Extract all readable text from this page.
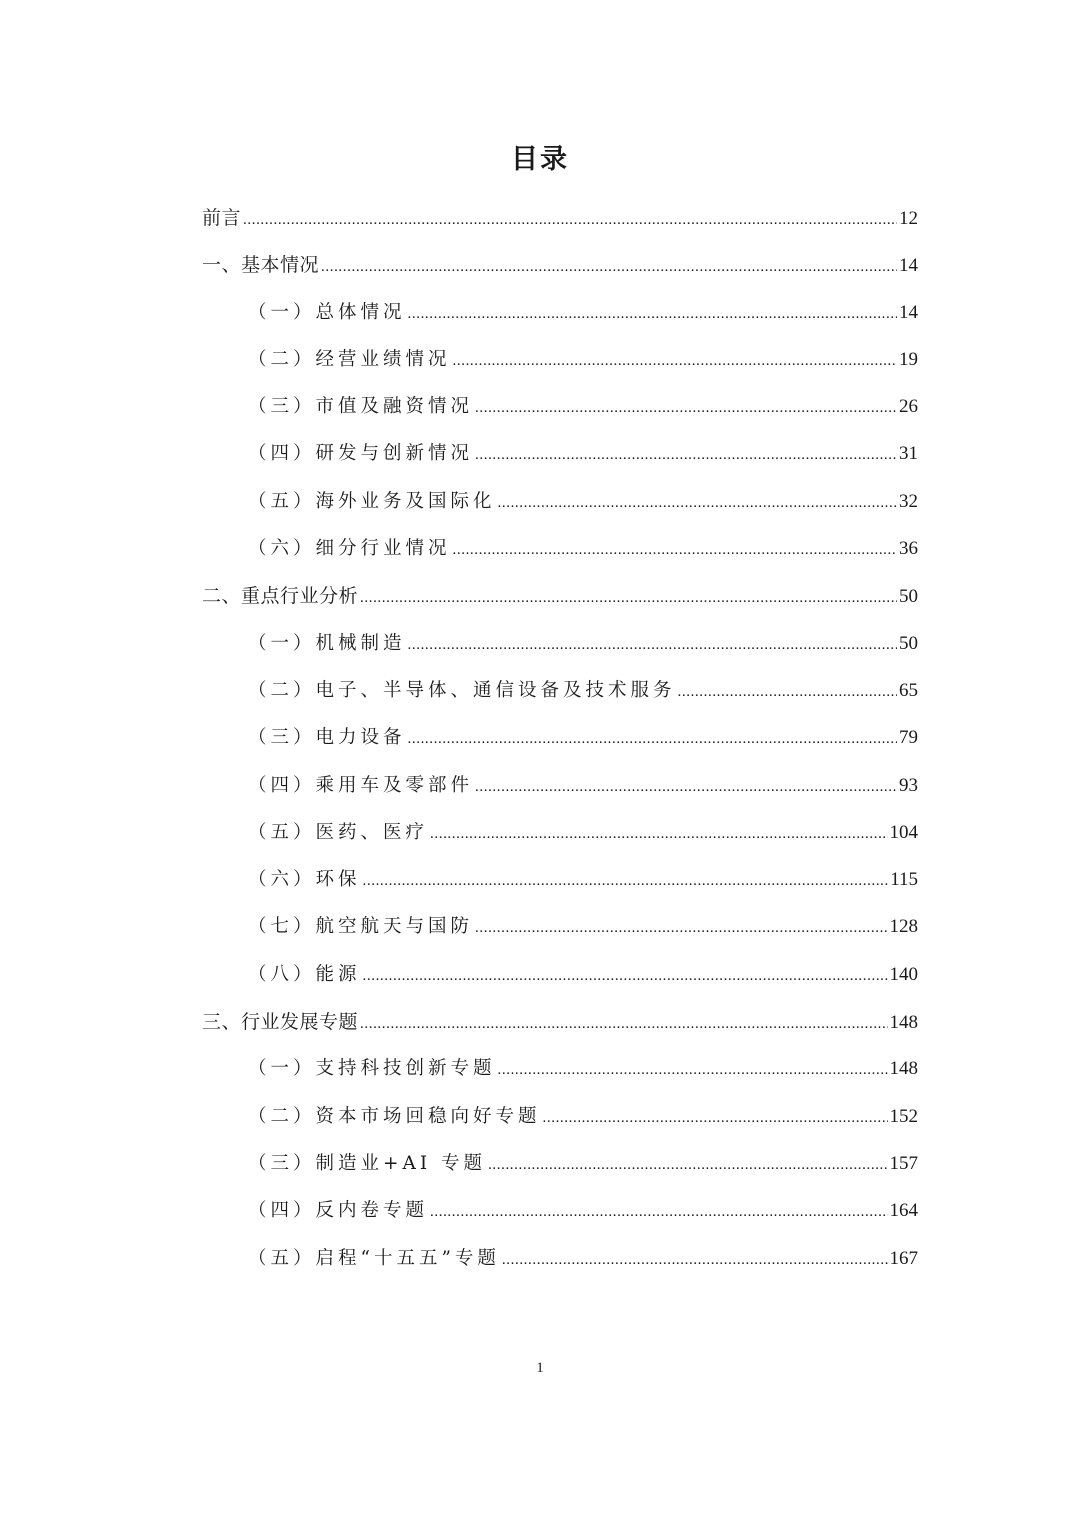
目录
前言 .....	12
一、基本情况 .....	14
（一）总体情况 .....	14
（二）经营业绩情况 .....	19
（三）市值及融资情况 .....	26
（四）研发与创新情况 .....	31
（五）海外业务及国际化 .....	32
（六）细分行业情况 .....	36
二、重点行业分析 .....	50
（一）机械制造 .....	50
（二）电子、半导体、通信设备及技术服务 .....	65
（三）电力设备 .....	79
（四）乘用车及零部件 .....	93
（五）医药、医疗 .....	104
（六）环保 .....	115
（七）航空航天与国防 .....	128
（八）能源 .....	140
三、行业发展专题 .....	148
（一）支持科技创新专题 .....	148
（二）资本市场回稳向好专题 .....	152
（三）制造业+AI 专题 .....	157
（四）反内卷专题 .....	164
（五）启程“十五五”专题 .....	167
1
